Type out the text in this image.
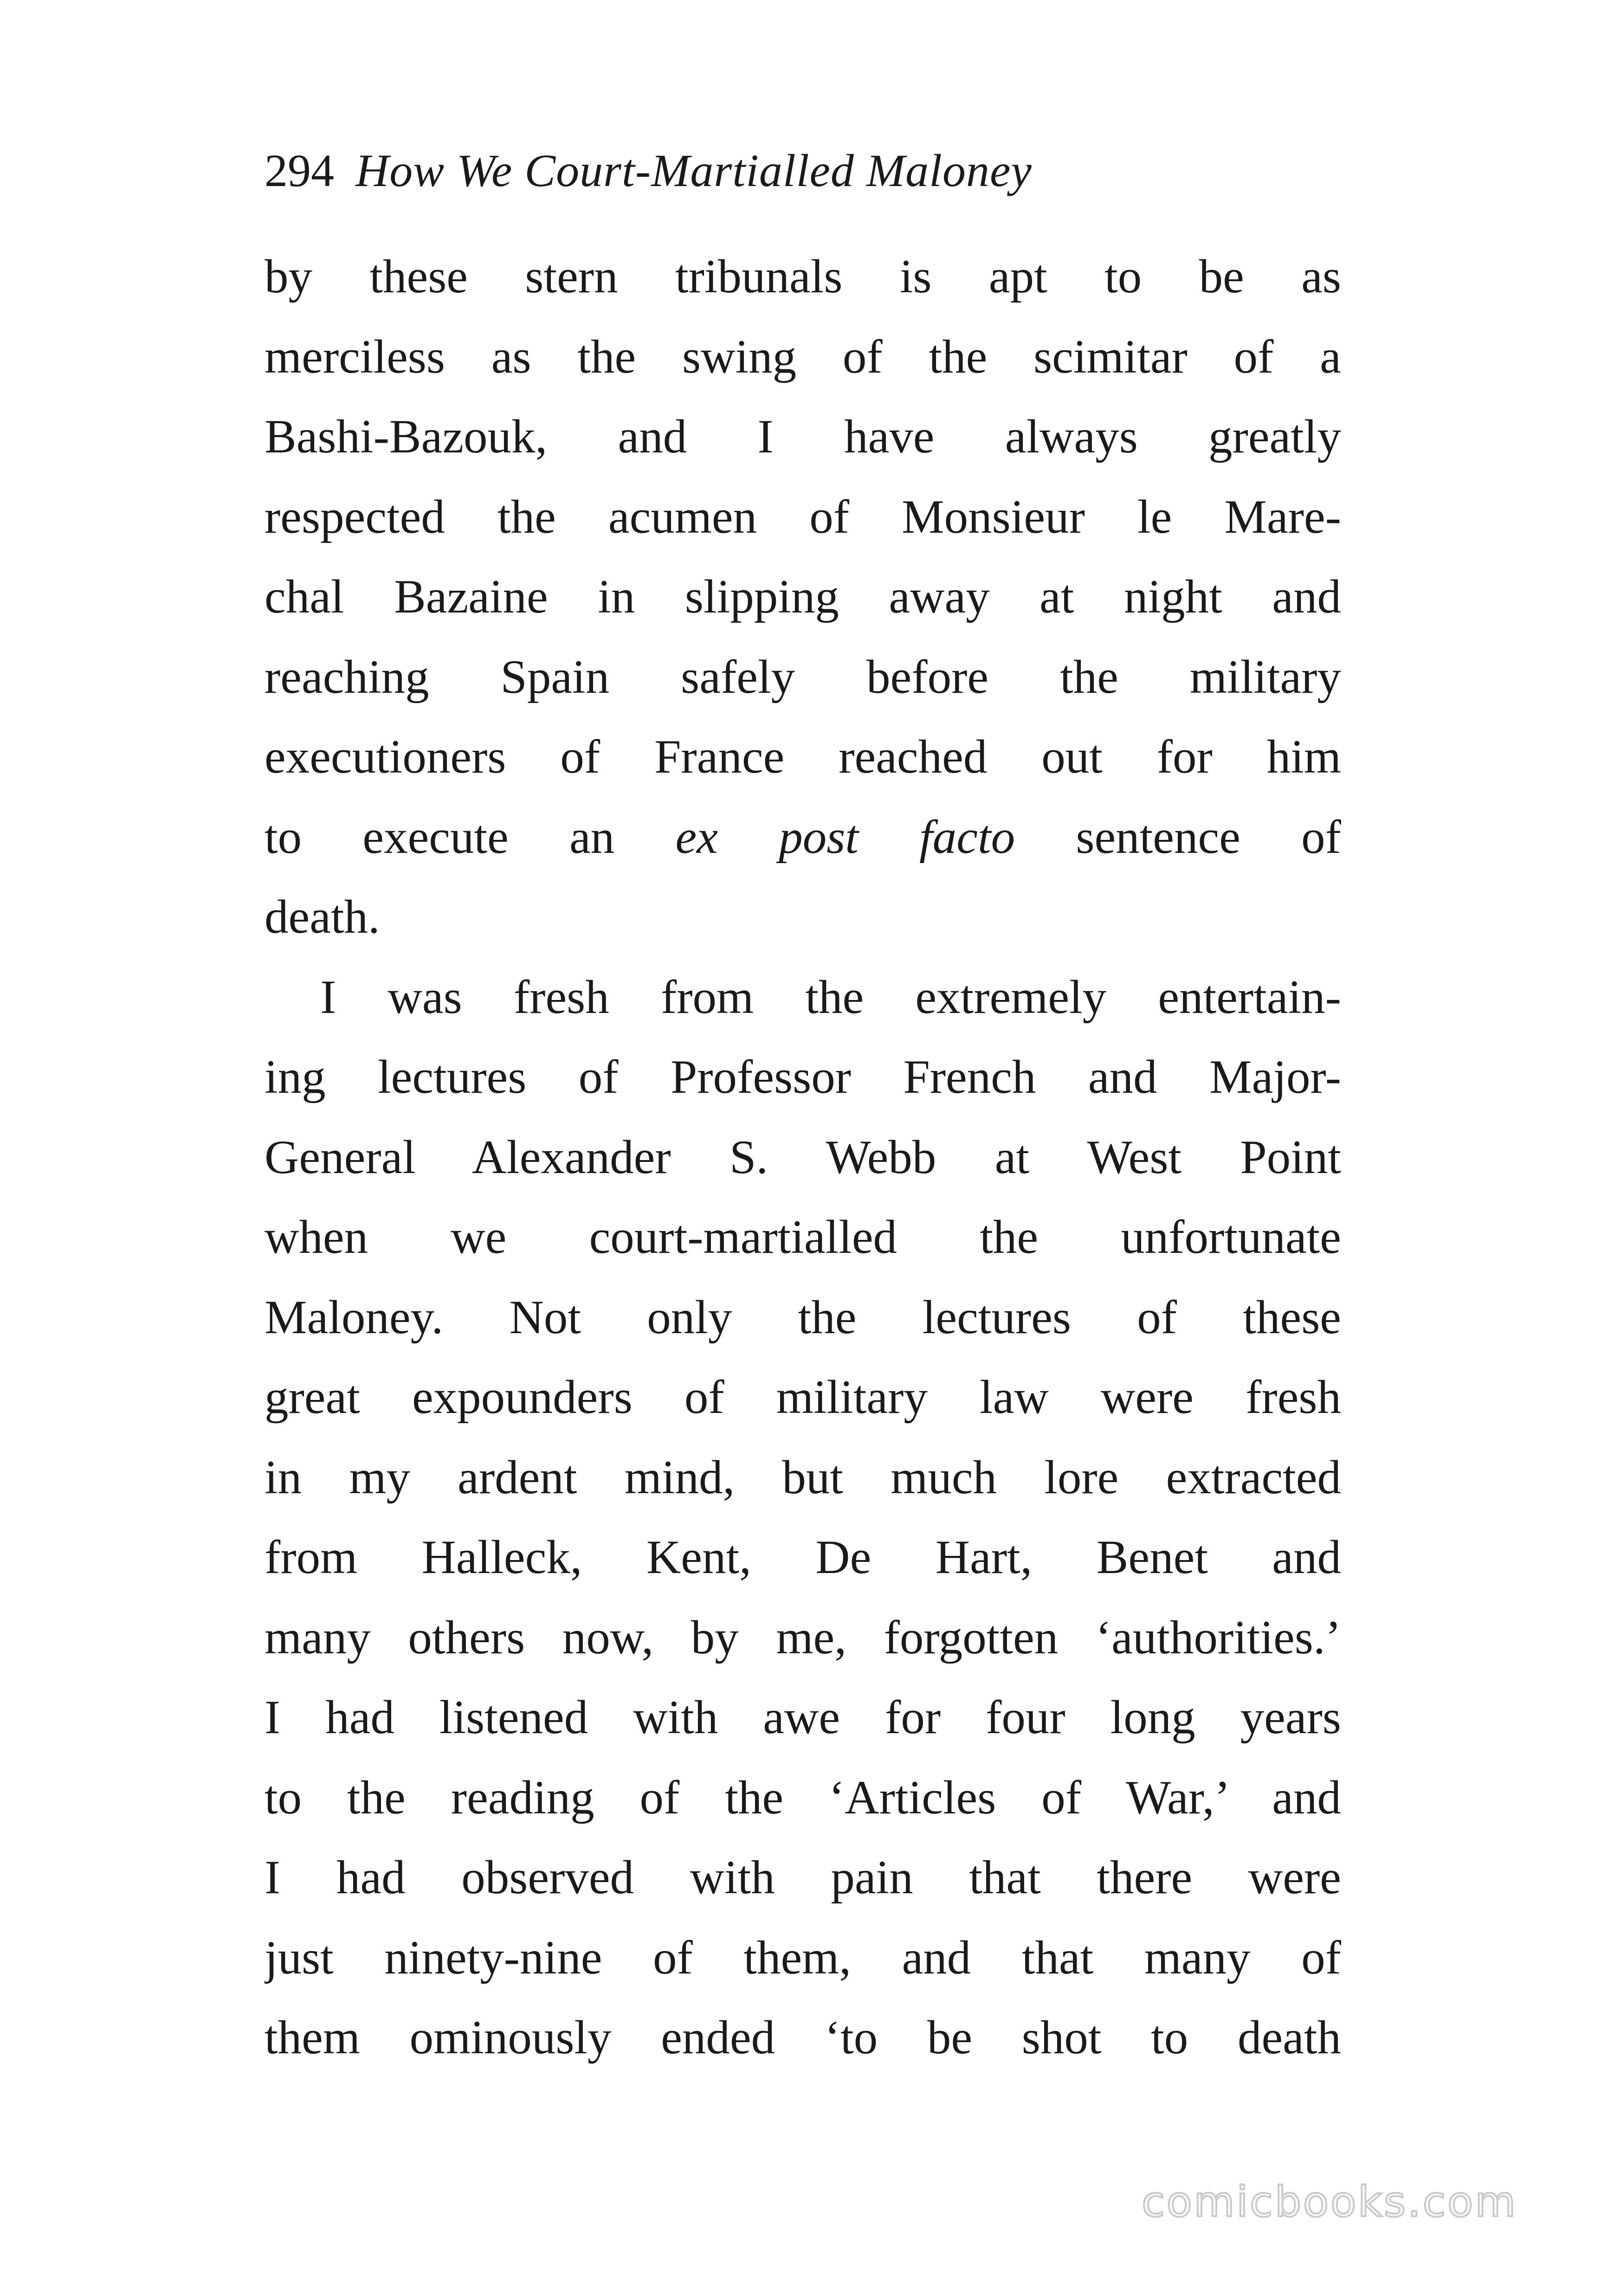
294 How We Court-Martialled Maloney
by these stern tribunals is apt to be as
merciless as the swing of the scimitar of a
Bashi-Bazouk, and I have always greatly
respected the acumen of Monsieur le Mare-
chal Bazaine in slipping away at night and
reaching Spain safely before the military
executioners of France reached out for him
to execute an ex post facto sentence of
death.
I was fresh from the extremely entertain-
ing lectures of Professor French and Major-
General Alexander S. Webb at West Point
when we court-martialled the unfortunate
Maloney. Not only the lectures of these
great expounders of military law were fresh
in my ardent mind, but much lore extracted
from Halleck, Kent, De Hart, Benet and
many others now, by me, forgotten ‘authorities.’
I had listened with awe for four long years
to the reading of the ‘Articles of War,’ and
I had observed with pain that there were
just ninety-nine of them, and that many of
them ominously ended ‘to be shot to death
comicbooks.com
